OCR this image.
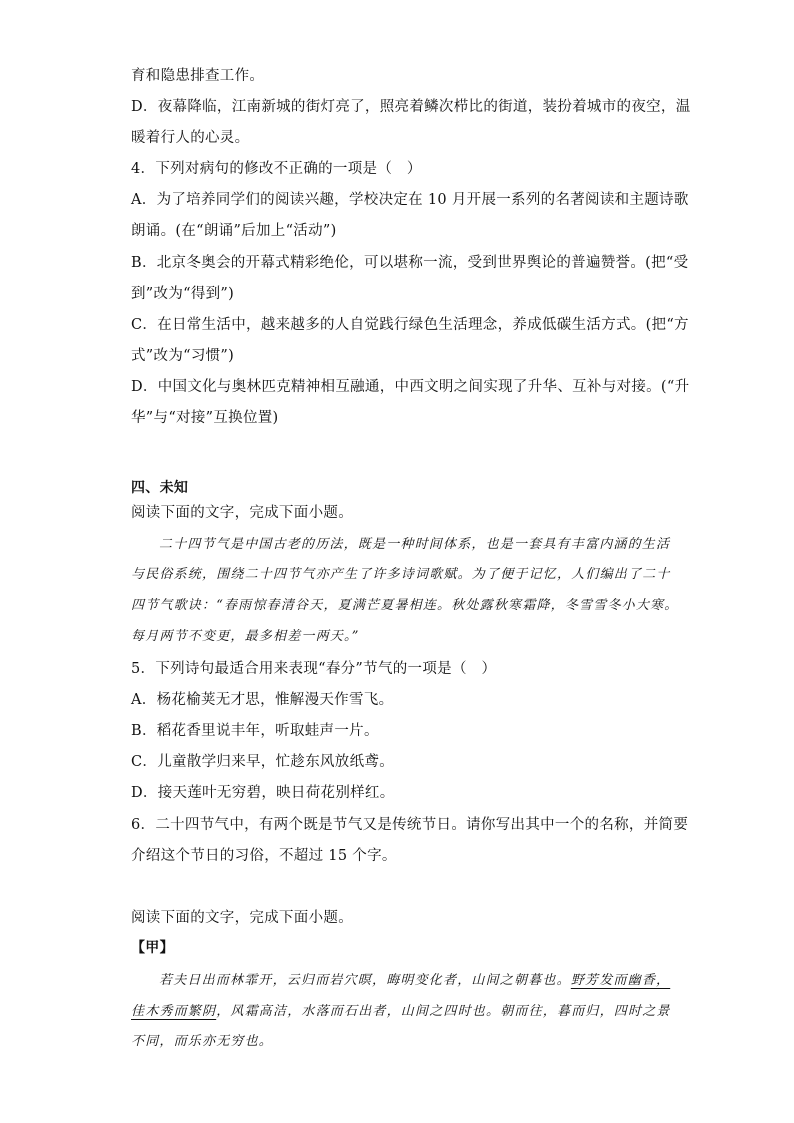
育和隐患排查工作。
D．夜幕降临，江南新城的街灯亮了，照亮着鳞次栉比的街道，装扮着城市的夜空，温
暖着行人的心灵。
4．下列对病句的修改不正确的一项是（　）
A．为了培养同学们的阅读兴趣，学校决定在 10 月开展一系列的名著阅读和主题诗歌
朗诵。(在“朗诵”后加上“活动”)
B．北京冬奥会的开幕式精彩绝伦，可以堪称一流，受到世界舆论的普遍赞誉。(把“受
到”改为“得到”)
C．在日常生活中，越来越多的人自觉践行绿色生活理念，养成低碳生活方式。(把“方
式”改为“习惯”)
D．中国文化与奥林匹克精神相互融通，中西文明之间实现了升华、互补与对接。(“升
华”与“对接”互换位置)
四、未知
阅读下面的文字，完成下面小题。
二十四节气是中国古老的历法，既是一种时间体系，也是一套具有丰富内涵的生活
与民俗系统，围绕二十四节气亦产生了许多诗词歌赋。为了便于记忆，人们编出了二十
四节气歌诀：“春雨惊春清谷天，夏满芒夏暑相连。秋处露秋寒霜降，冬雪雪冬小大寒。
每月两节不变更，最多相差一两天。”
5．下列诗句最适合用来表现“春分”节气的一项是（　）
A．杨花榆荚无才思，惟解漫天作雪飞。
B．稻花香里说丰年，听取蛙声一片。
C．儿童散学归来早，忙趁东风放纸鸢。
D．接天莲叶无穷碧，映日荷花别样红。
6．二十四节气中，有两个既是节气又是传统节日。请你写出其中一个的名称，并简要
介绍这个节日的习俗，不超过 15 个字。
阅读下面的文字，完成下面小题。
【甲】
若夫日出而林霏开，云归而岩穴暝，晦明变化者，山间之朝暮也。野芳发而幽香，
佳木秀而繁阴，风霜高洁，水落而石出者，山间之四时也。朝而往，暮而归，四时之景
不同，而乐亦无穷也。
